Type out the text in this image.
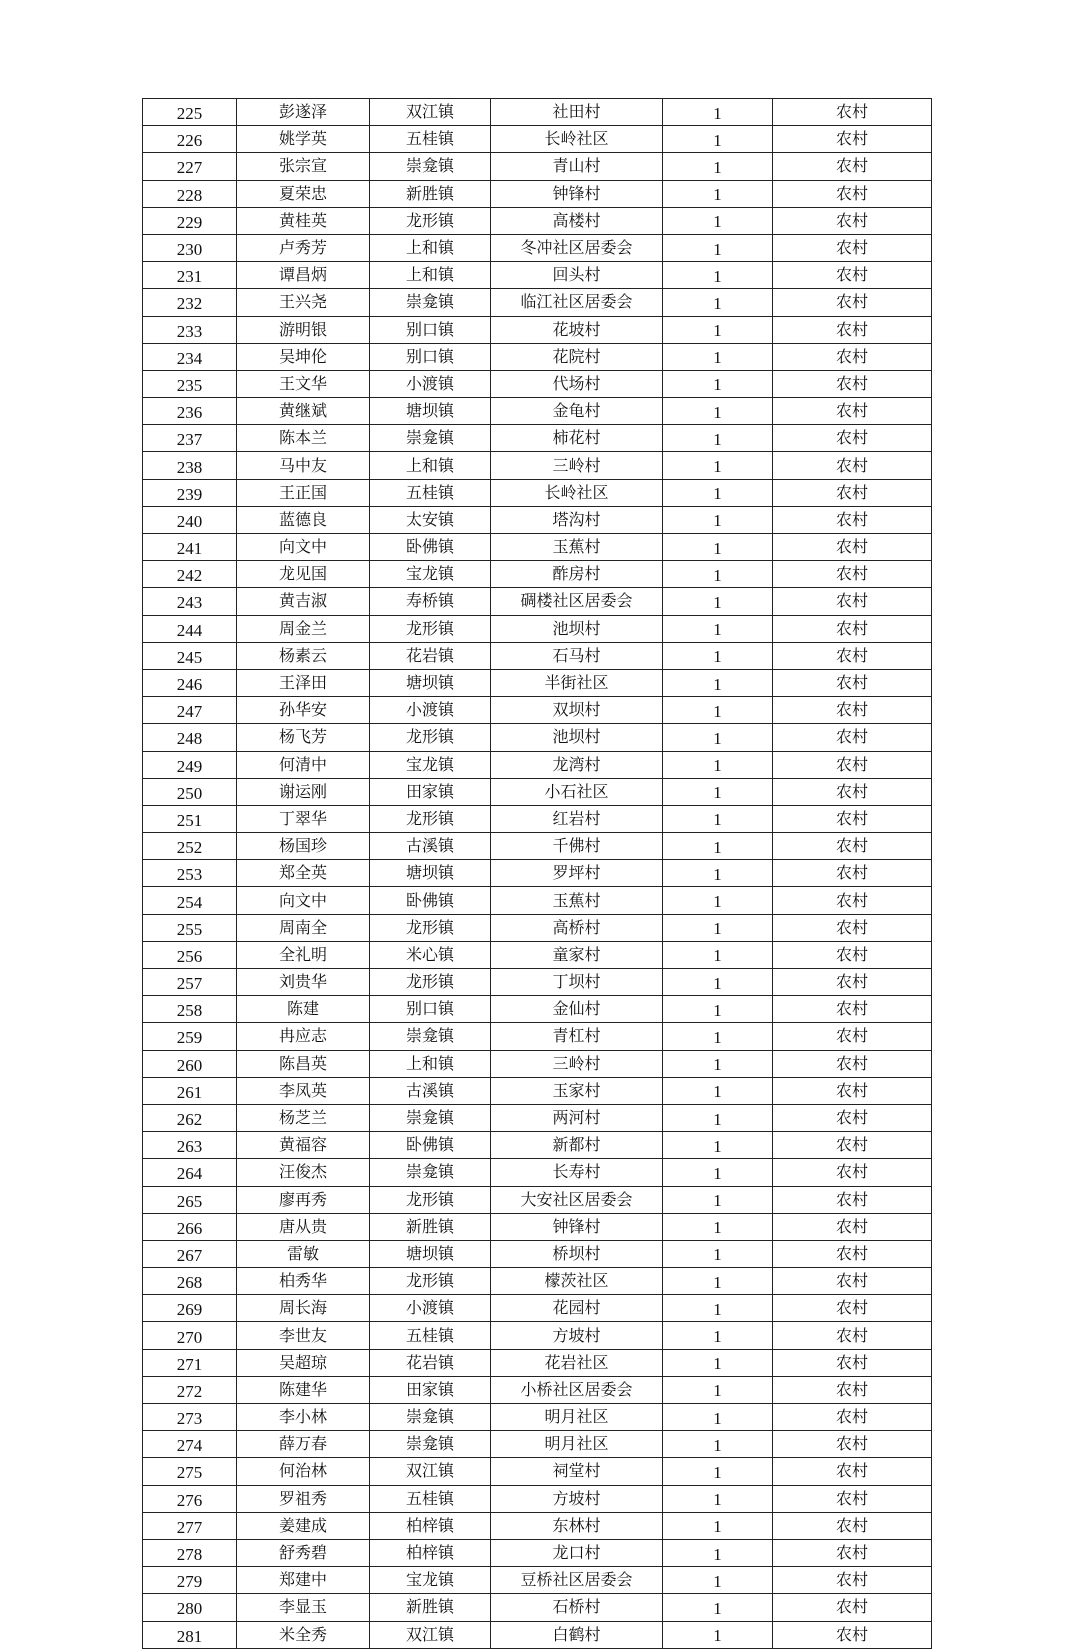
225	彭遂泽	双江镇	社田村	1	农村
226	姚学英	五桂镇	长岭社区	1	农村
227	张宗宣	崇龛镇	青山村	1	农村
228	夏荣忠	新胜镇	钟锋村	1	农村
229	黄桂英	龙形镇	高楼村	1	农村
230	卢秀芳	上和镇	冬冲社区居委会	1	农村
231	谭昌炳	上和镇	回头村	1	农村
232	王兴尧	崇龛镇	临江社区居委会	1	农村
233	游明银	别口镇	花坡村	1	农村
234	吴坤伦	别口镇	花院村	1	农村
235	王文华	小渡镇	代场村	1	农村
236	黄继斌	塘坝镇	金龟村	1	农村
237	陈本兰	崇龛镇	柿花村	1	农村
238	马中友	上和镇	三岭村	1	农村
239	王正国	五桂镇	长岭社区	1	农村
240	蓝德良	太安镇	塔沟村	1	农村
241	向文中	卧佛镇	玉蕉村	1	农村
242	龙见国	宝龙镇	酢房村	1	农村
243	黄吉淑	寿桥镇	碉楼社区居委会	1	农村
244	周金兰	龙形镇	池坝村	1	农村
245	杨素云	花岩镇	石马村	1	农村
246	王泽田	塘坝镇	半街社区	1	农村
247	孙华安	小渡镇	双坝村	1	农村
248	杨飞芳	龙形镇	池坝村	1	农村
249	何清中	宝龙镇	龙湾村	1	农村
250	谢运刚	田家镇	小石社区	1	农村
251	丁翠华	龙形镇	红岩村	1	农村
252	杨国珍	古溪镇	千佛村	1	农村
253	郑全英	塘坝镇	罗坪村	1	农村
254	向文中	卧佛镇	玉蕉村	1	农村
255	周南全	龙形镇	高桥村	1	农村
256	全礼明	米心镇	童家村	1	农村
257	刘贵华	龙形镇	丁坝村	1	农村
258	陈建	别口镇	金仙村	1	农村
259	冉应志	崇龛镇	青杠村	1	农村
260	陈昌英	上和镇	三岭村	1	农村
261	李凤英	古溪镇	玉家村	1	农村
262	杨芝兰	崇龛镇	两河村	1	农村
263	黄福容	卧佛镇	新都村	1	农村
264	汪俊杰	崇龛镇	长寿村	1	农村
265	廖再秀	龙形镇	大安社区居委会	1	农村
266	唐从贵	新胜镇	钟锋村	1	农村
267	雷敏	塘坝镇	桥坝村	1	农村
268	柏秀华	龙形镇	檬茨社区	1	农村
269	周长海	小渡镇	花园村	1	农村
270	李世友	五桂镇	方坡村	1	农村
271	吴超琼	花岩镇	花岩社区	1	农村
272	陈建华	田家镇	小桥社区居委会	1	农村
273	李小林	崇龛镇	明月社区	1	农村
274	薛万春	崇龛镇	明月社区	1	农村
275	何治林	双江镇	祠堂村	1	农村
276	罗祖秀	五桂镇	方坡村	1	农村
277	姜建成	柏梓镇	东林村	1	农村
278	舒秀碧	柏梓镇	龙口村	1	农村
279	郑建中	宝龙镇	豆桥社区居委会	1	农村
280	李显玉	新胜镇	石桥村	1	农村
281	米全秀	双江镇	白鹤村	1	农村
